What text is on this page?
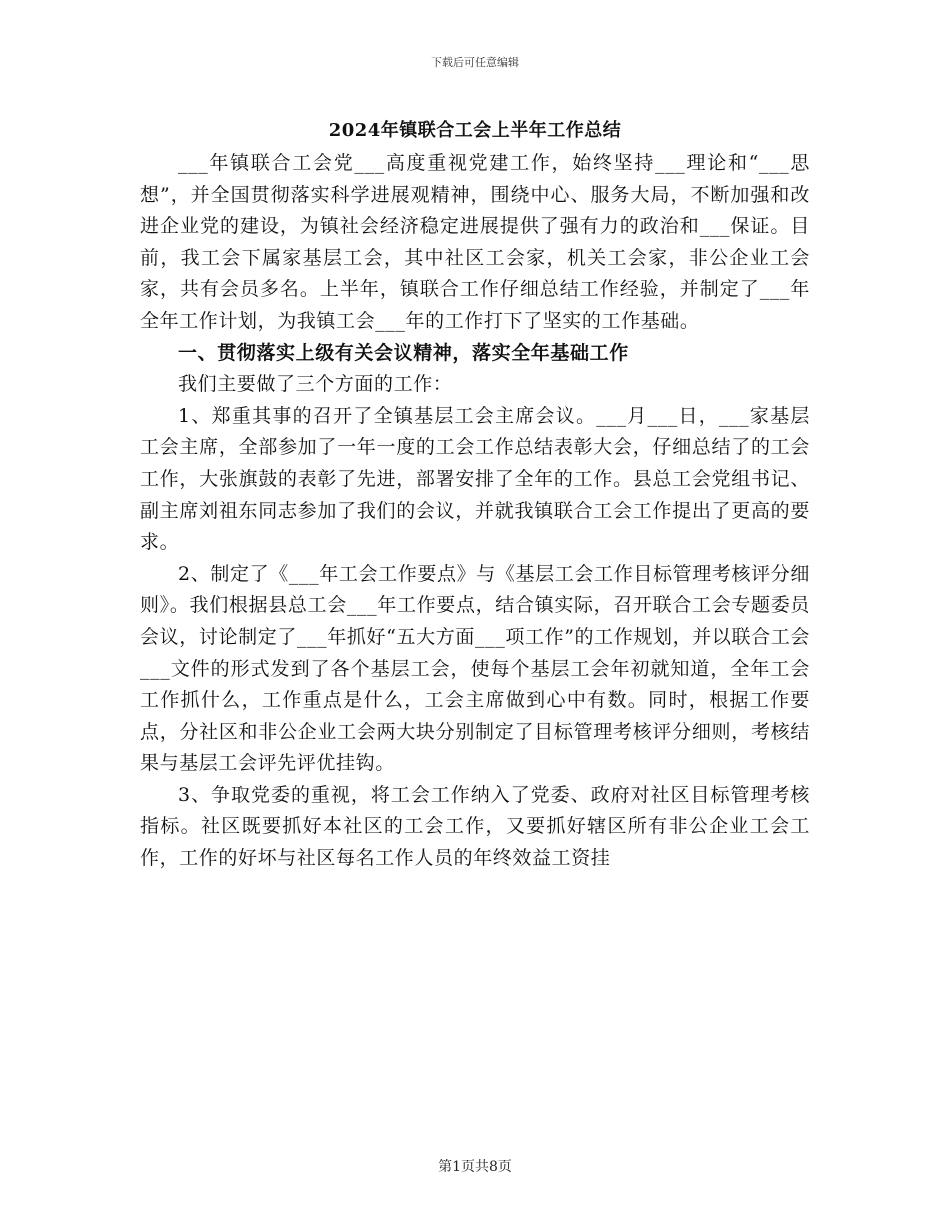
下载后可任意编辑
2024年镇联合工会上半年工作总结

___年镇联合工会党___高度重视党建工作，始终坚持___理论和“___思想”，并全国贯彻落实科学进展观精神，围绕中心、服务大局，不断加强和改进企业党的建设，为镇社会经济稳定进展提供了强有力的政治和___保证。目前，我工会下属家基层工会，其中社区工会家，机关工会家，非公企业工会家，共有会员多名。上半年，镇联合工作仔细总结工作经验，并制定了___年全年工作计划，为我镇工会___年的工作打下了坚实的工作基础。

一、贯彻落实上级有关会议精神，落实全年基础工作

我们主要做了三个方面的工作：

1、郑重其事的召开了全镇基层工会主席会议。___月___日，___家基层工会主席，全部参加了一年一度的工会工作总结表彰大会，仔细总结了的工会工作，大张旗鼓的表彰了先进，部署安排了全年的工作。县总工会党组书记、副主席刘祖东同志参加了我们的会议，并就我镇联合工会工作提出了更高的要求。

2、制定了《___年工会工作要点》与《基层工会工作目标管理考核评分细则》。我们根据县总工会___年工作要点，结合镇实际，召开联合工会专题委员会议，讨论制定了___年抓好“五大方面___项工作”的工作规划，并以联合工会___文件的形式发到了各个基层工会，使每个基层工会年初就知道，全年工会工作抓什么，工作重点是什么，工会主席做到心中有数。同时，根据工作要点，分社区和非公企业工会两大块分别制定了目标管理考核评分细则，考核结果与基层工会评先评优挂钩。

3、争取党委的重视，将工会工作纳入了党委、政府对社区目标管理考核指标。社区既要抓好本社区的工会工作，又要抓好辖区所有非公企业工会工作，工作的好坏与社区每名工作人员的年终效益工资挂

第1页共8页
